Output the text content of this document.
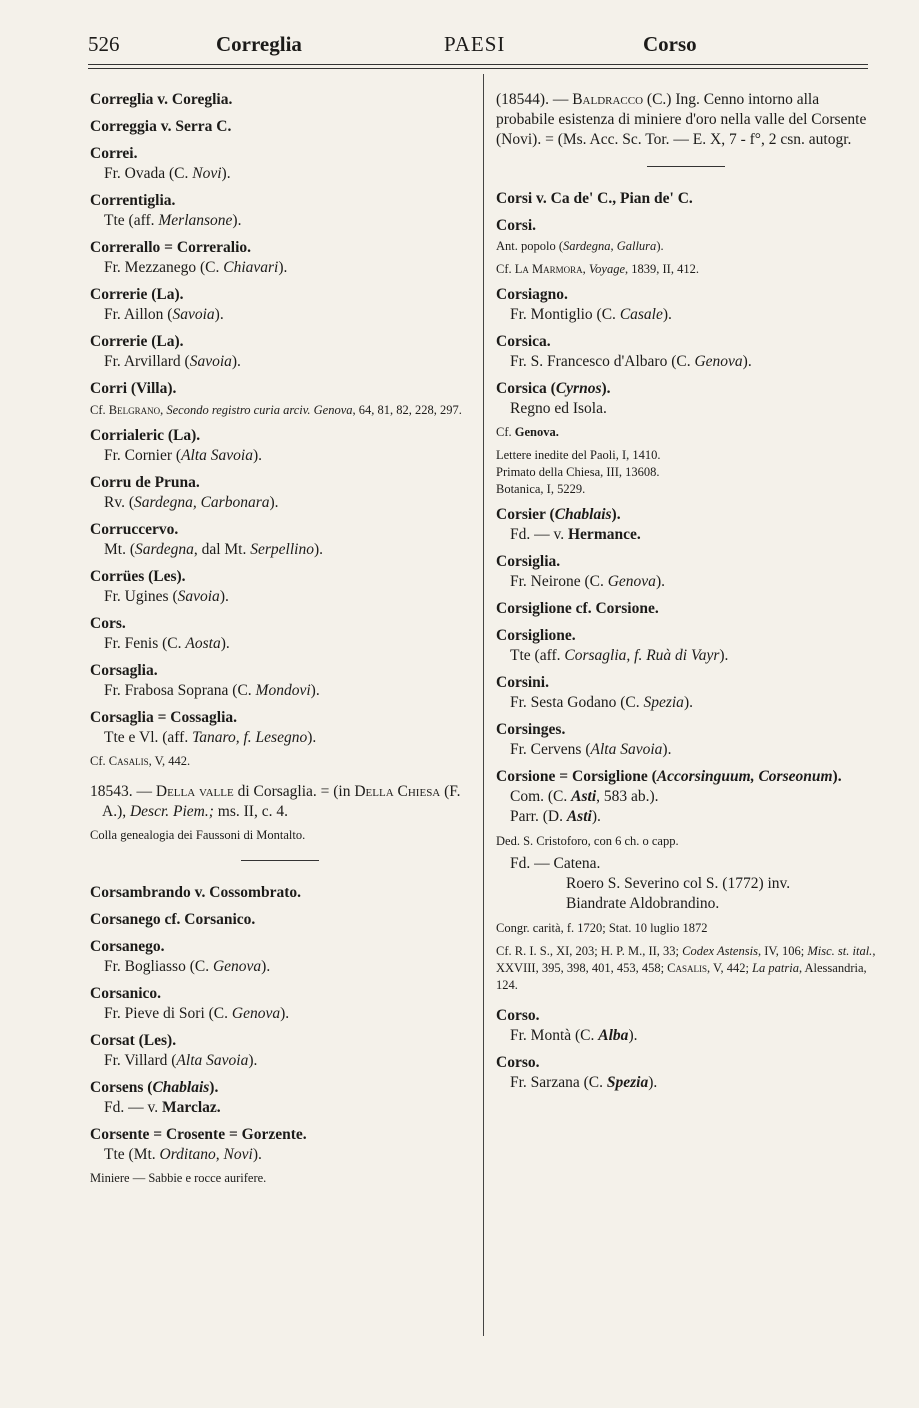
526	Correglia	PAESI	Corso
Correglia v. Coreglia.
Correggia v. Serra C.
Correi.
Fr. Ovada (C. Novi).
Correntiglia.
Tte (aff. Merlansone).
Correrallo = Correralio.
Fr. Mezzanego (C. Chiavari).
Correrie (La).
Fr. Aillon (Savoia).
Correrie (La).
Fr. Arvillard (Savoia).
Corri (Villa).
Cf. Belgrano, Secondo registro curia arciv. Genova, 64, 81, 82, 228, 297.
Corrialeric (La).
Fr. Cornier (Alta Savoia).
Corru de Pruna.
Rv. (Sardegna, Carbonara).
Corruccervo.
Mt. (Sardegna, dal Mt. Serpellino).
Corrües (Les).
Fr. Ugines (Savoia).
Cors.
Fr. Fenis (C. Aosta).
Corsaglia.
Fr. Frabosa Soprana (C. Mondovi).
Corsaglia = Cossaglia.
Tte e Vl. (aff. Tanaro, f. Lesegno).
Cf. Casalis, V, 442.
18543. — Della valle di Corsaglia. = (in Della Chiesa (F. A.), Descr. Piem.; ms. II, c. 4.
Colla genealogia dei Faussoni di Montalto.
Corsambrando v. Cossombrato.
Corsanego cf. Corsanico.
Corsanego.
Fr. Bogliasso (C. Genova).
Corsanico.
Fr. Pieve di Sori (C. Genova).
Corsat (Les).
Fr. Villard (Alta Savoia).
Corsens (Chablais).
Fd. — v. Marclaz.
Corsente = Crosente = Gorzente.
Tte (Mt. Orditano, Novi).
Miniere — Sabbie e rocce aurifere.
(18544). — Baldracco (C.) Ing. Cenno intorno alla probabile esistenza di miniere d'oro nella valle del Corsente (Novi). = (Ms. Acc. Sc. Tor. — E. X, 7 - f°, 2 csn. autogr.
Corsi v. Ca de' C., Pian de' C.
Corsi.
Ant. popolo (Sardegna, Gallura).
Cf. La Marmora, Voyage, 1839, II, 412.
Corsiagno.
Fr. Montiglio (C. Casale).
Corsica.
Fr. S. Francesco d'Albaro (C. Genova).
Corsica (Cyrnos).
Regno ed Isola.
Cf. Genova.
Lettere inedite del Paoli, I, 1410.
Primato della Chiesa, III, 13608.
Botanica, I, 5229.
Corsier (Chablais).
Fd. — v. Hermance.
Corsiglia.
Fr. Neirone (C. Genova).
Corsiglione cf. Corsione.
Corsiglione.
Tte (aff. Corsaglia, f. Ruà di Vayr).
Corsini.
Fr. Sesta Godano (C. Spezia).
Corsinges.
Fr. Cervens (Alta Savoia).
Corsione = Corsiglione (Accorsinguum, Corseonum).
Com. (C. Asti, 583 ab.).
Parr. (D. Asti).
Ded. S. Cristoforo, con 6 ch. o capp.
Fd. — Catena.
Roero S. Severino col S. (1772) inv.
Biandrate Aldobrandino.
Congr. carità, f. 1720; Stat. 10 luglio 1872
Cf. R. I. S., XI, 203; H. P. M., II, 33; Codex Astensis, IV, 106; Misc. st. ital., XXVIII, 395, 398, 401, 453, 458; Casalis, V, 442; La patria, Alessandria, 124.
Corso.
Fr. Montà (C. Alba).
Corso.
Fr. Sarzana (C. Spezia).
